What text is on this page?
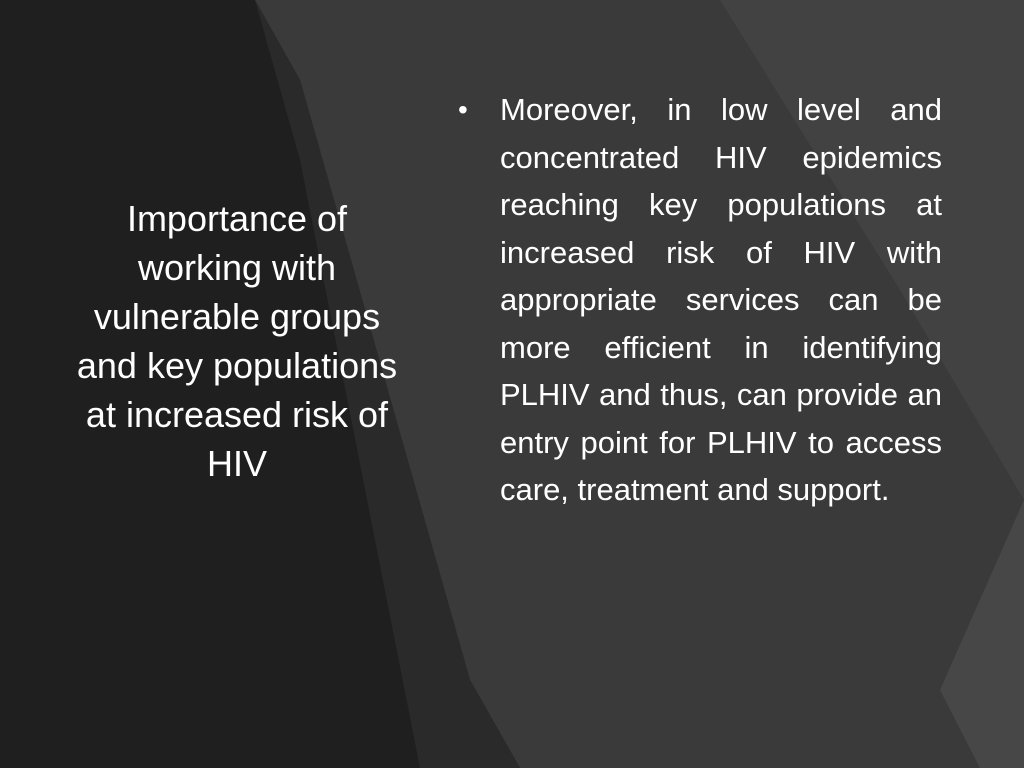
Importance of working with vulnerable groups and key populations at increased risk of HIV
• Moreover, in low level and concentrated HIV epidemics reaching key populations at increased risk of HIV with appropriate services can be more efficient in identifying PLHIV and thus, can provide an entry point for PLHIV to access care, treatment and support.
